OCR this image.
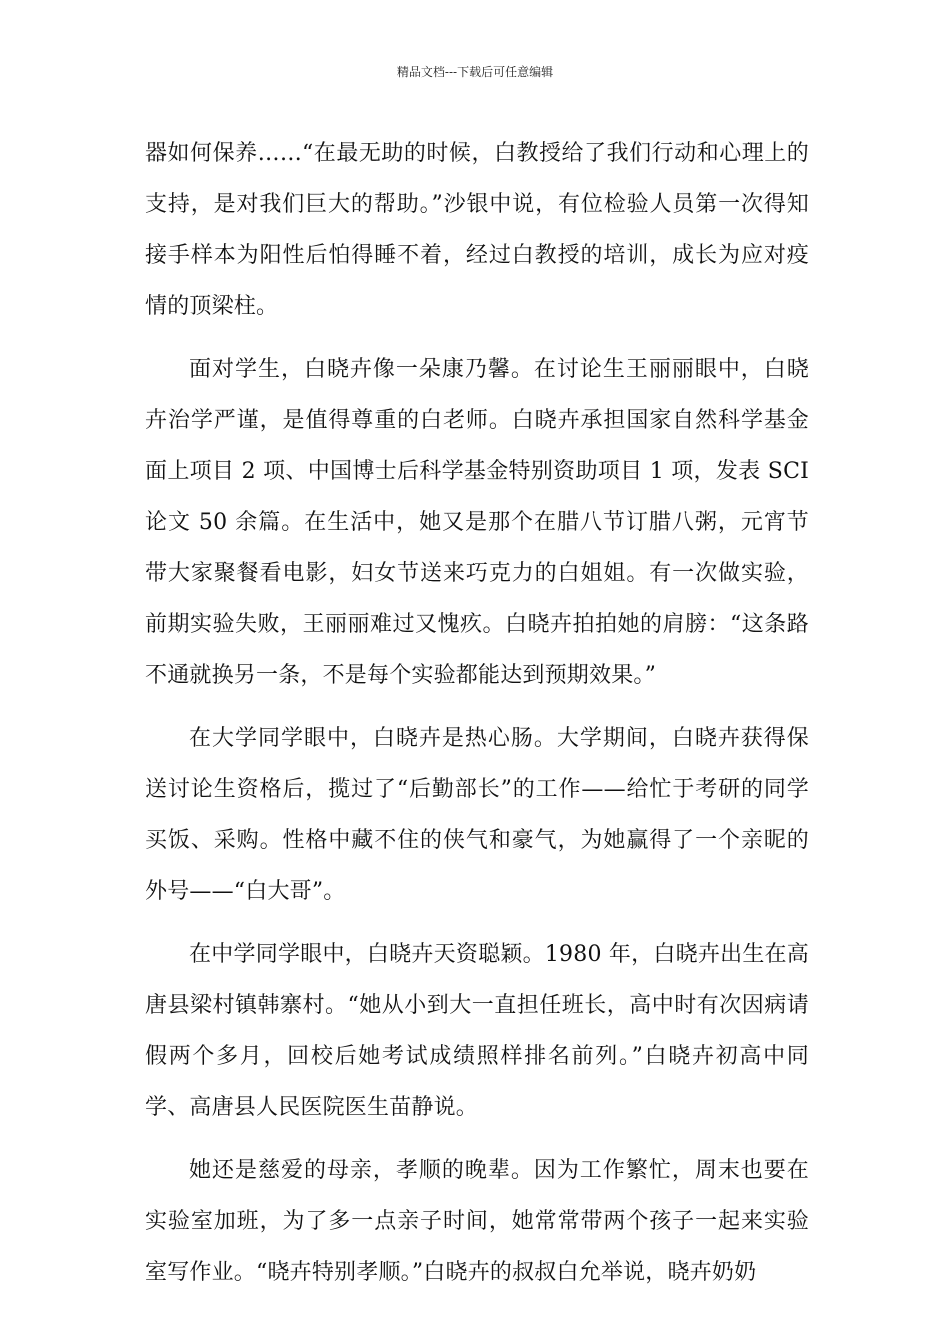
精品文档---下载后可任意编辑

器如何保养……“在最无助的时候，白教授给了我们行动和心理上的支持，是对我们巨大的帮助。”沙银中说，有位检验人员第一次得知接手样本为阳性后怕得睡不着，经过白教授的培训，成长为应对疫情的顶梁柱。

面对学生，白晓卉像一朵康乃馨。在讨论生王丽丽眼中，白晓卉治学严谨，是值得尊重的白老师。白晓卉承担国家自然科学基金面上项目 2 项、中国博士后科学基金特别资助项目 1 项，发表 SCI 论文 50 余篇。在生活中，她又是那个在腊八节订腊八粥，元宵节带大家聚餐看电影，妇女节送来巧克力的白姐姐。有一次做实验，前期实验失败，王丽丽难过又愧疚。白晓卉拍拍她的肩膀：“这条路不通就换另一条，不是每个实验都能达到预期效果。”

在大学同学眼中，白晓卉是热心肠。大学期间，白晓卉获得保送讨论生资格后，揽过了“后勤部长”的工作——给忙于考研的同学买饭、采购。性格中藏不住的侠气和豪气，为她赢得了一个亲昵的外号——“白大哥”。

在中学同学眼中，白晓卉天资聪颖。1980 年，白晓卉出生在高唐县梁村镇韩寨村。“她从小到大一直担任班长，高中时有次因病请假两个多月，回校后她考试成绩照样排名前列。”白晓卉初高中同学、高唐县人民医院医生苗静说。

她还是慈爱的母亲，孝顺的晚辈。因为工作繁忙，周末也要在实验室加班，为了多一点亲子时间，她常常带两个孩子一起来实验室写作业。“晓卉特别孝顺。”白晓卉的叔叔白允举说，晓卉奶奶
